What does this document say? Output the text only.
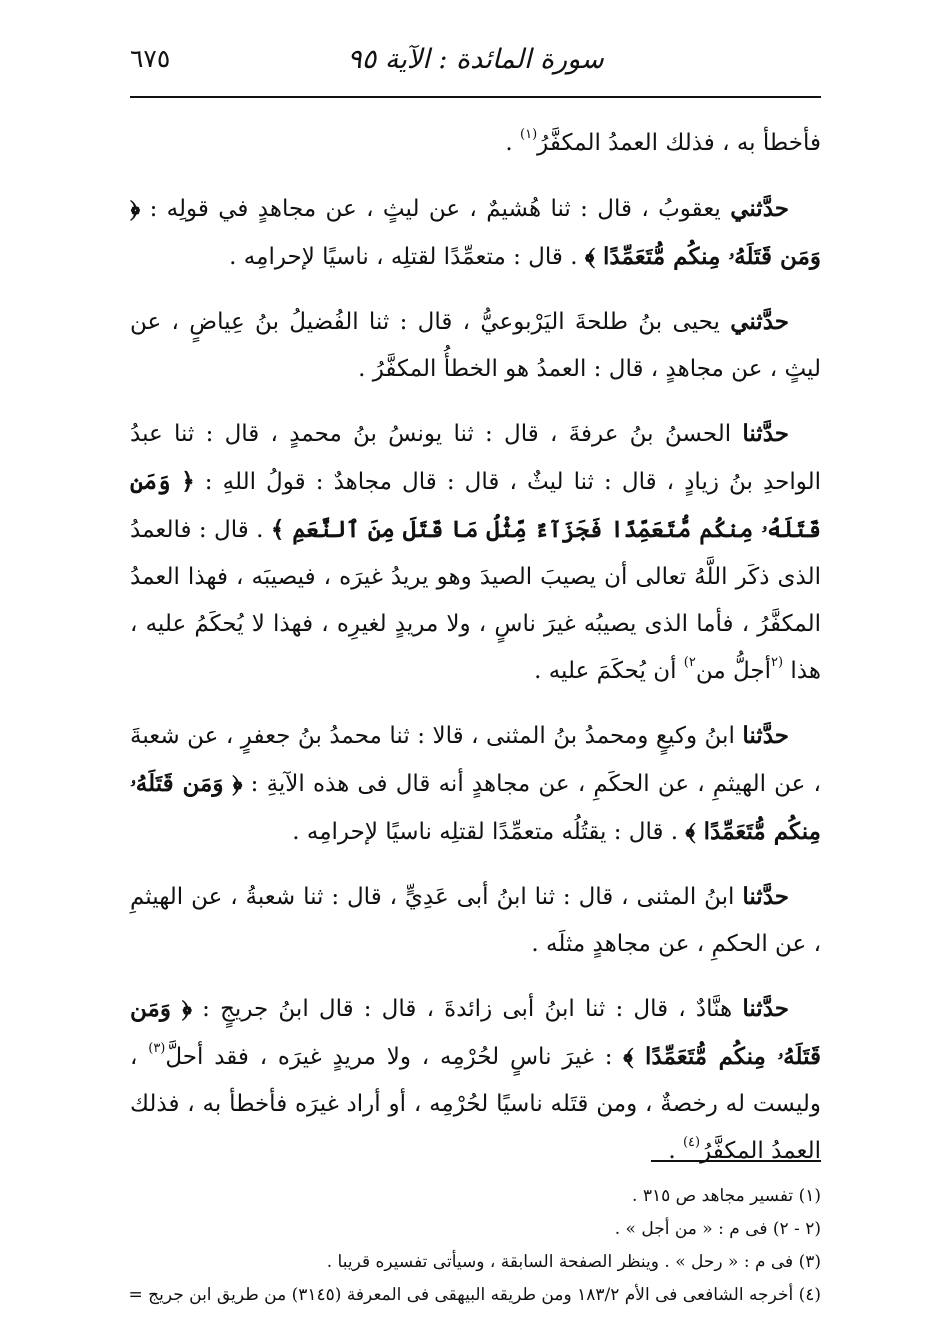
سورة المائدة : الآية ٩٥
٦٧٥

فأخطأ به ، فذلك العمدُ المكفَّرُ$^{(١)}$ .

حدَّثني يعقوبُ ، قال : ثنا هُشيمٌ ، عن ليثٍ ، عن مجاهدٍ في قولِه : ﴿ وَمَن قَتَلَهُۥ مِنكُم مُّتَعَمِّدًا ﴾ . قال : متعمِّدًا لقتلِه ، ناسيًا لإحرامِه .

حدَّثني يحيى بنُ طلحةَ اليَرْبوعيُّ ، قال : ثنا الفُضيلُ بنُ عِياضٍ ، عن ليثٍ ، عن مجاهدٍ ، قال : العمدُ هو الخطأُ المكفَّرُ .

حدَّثنا الحسنُ بنُ عرفةَ ، قال : ثنا يونسُ بنُ محمدٍ ، قال : ثنا عبدُ الواحدِ بنُ زيادٍ ، قال : ثنا ليثٌ ، قال : قال مجاهدٌ : قولُ اللهِ : ﴿ وَمَن قَتَلَهُۥ مِنكُم مُّتَعَمِّدًا فَجَزَآءٌ مِّثْلُ مَا قَتَلَ مِنَ ٱلنَّعَمِ ﴾ . قال : فالعمدُ الذى ذكَر اللَّهُ تعالى أن يصيبَ الصيدَ وهو يريدُ غيرَه ، فيصيبَه ، فهذا العمدُ المكفَّرُ ، فأما الذى يصيبُه غيرَ ناسٍ ، ولا مريدٍ لغيرِه ، فهذا لا يُحكَمُ عليه ، هذا $^{(٢}$أجلُّ من$^{٢)}$ أن يُحكَمَ عليه .

حدَّثنا ابنُ وكيعٍ ومحمدُ بنُ المثنى ، قالا : ثنا محمدُ بنُ جعفرٍ ، عن شعبةَ ، عن الهيثمِ ، عن الحكَمِ ، عن مجاهدٍ أنه قال فى هذه الآيةِ : ﴿ وَمَن قَتَلَهُۥ مِنكُم مُّتَعَمِّدًا ﴾ . قال : يقتُلُه متعمِّدًا لقتلِه ناسيًا لإحرامِه .

حدَّثنا ابنُ المثنى ، قال : ثنا ابنُ أبى عَدِيٍّ ، قال : ثنا شعبةُ ، عن الهيثمِ ، عن الحكمِ ، عن مجاهدٍ مثلَه .

حدَّثنا هنَّادٌ ، قال : ثنا ابنُ أبى زائدةَ ، قال : قال ابنُ جريجٍ : ﴿ وَمَن قَتَلَهُۥ مِنكُم مُّتَعَمِّدًا ﴾ : غيرَ ناسٍ لحُرْمِه ، ولا مريدٍ غيرَه ، فقد أحلَّ$^{(٣)}$ ، وليست له رخصةٌ ، ومن قتَله ناسيًا لحُرْمِه ، أو أراد غيرَه فأخطأ به ، فذلك العمدُ المكفَّرُ$^{(٤)}$ .

(١) تفسير مجاهد ص ٣١٥ .
(٢ - ٢) فى م : « من أجل » .
(٣) فى م : « رحل » . وينظر الصفحة السابقة ، وسيأتى تفسيره قريبا .
(٤) أخرجه الشافعى فى الأم ١٨٣/٢ ومن طريقه البيهقى فى المعرفة (٣١٤٥) من طريق ابن جريج =
